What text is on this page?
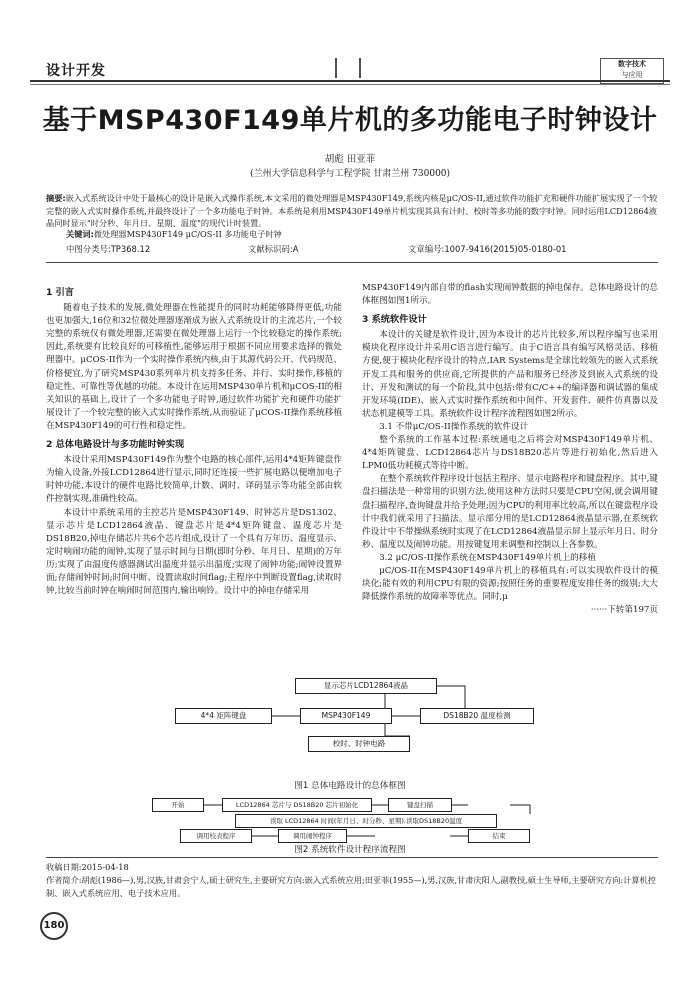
设计开发	数字技术
与应用
基于MSP430F149单片机的多功能电子时钟设计
胡彪 田亚菲
(兰州大学信息科学与工程学院 甘肃兰州 730000)
摘要:嵌入式系统设计中处于最核心的设计是嵌入式操作系统,本文采用的微处理器是MSP430F149,系统内核是μC/OS-II,通过软件功能扩充和硬件功能扩展实现了一个较完整的嵌入式实时操作系统,并最终设计了一个多功能电子时钟。本系统是利用MSP430F149单片机实现其具有计时、校时等多功能的数字时钟。同时运用LCD12864液晶同时显示"时分秒、年月日、星期、温度"的现代计时装置。
关键词:微处理器MSP430F149 μC/OS-II 多功能电子时钟
中图分类号:TP368.12	文献标识码:A	文章编号:1007-9416(2015)05-0180-01
1 引言

随着电子技术的发展,微处理器在性能提升的同时功耗能够降得更低,功能也更加强大,16位和32位微处理器逐渐成为嵌入式系统设计的主流芯片,一个较完整的系统仅有微处理器,还需要在微处理器上运行一个比较稳定的操作系统;因此,系统要有比较良好的可移植性,能够运用于根据不同应用要求选择的微处理器中。μCOS-II作为一个实时操作系统内核,由于其源代码公开、代码规范、价格便宜,为了研究MSP430系列单片机支持多任务、并行、实时操作,移植的稳定性、可靠性等优越的功能。本设计在运用MSP430单片机和μCOS-II的相关知识的基础上,设计了一个多功能电子时钟,通过软件功能扩充和硬件功能扩展设计了一个较完整的嵌入式实时操作系统,从而验证了μCOS-II操作系统移植在MSP430F149的可行性和稳定性。

2 总体电路设计与多功能时钟实现

本设计采用MSP430F149作为整个电路的核心部件,运用4*4矩阵键盘作为输入设备,外接LCD12864进行显示,同时还连接一些扩展电路以便增加电子时钟功能,本设计的硬件电路比较简单,计数、调时、译码显示等功能全部由软件控制实现,准确性较高。

本设计中系统采用的主控芯片是MSP430F149、时钟芯片是DS1302、显示芯片是LCD12864液晶、键盘芯片是4*4矩阵键盘、温度芯片是DS18B20,掉电存储芯片共6个芯片组成,设计了一个具有万年历、温度显示、定时响闹功能的闹钟,实现了显示时间与日期(即时分秒、年月日、星期)的万年历;实现了由温度传感器测试出温度并显示出温度;实现了闹钟功能;闹钟设置界面;存储闹钟时间;时间中断、设置读取时间flag;主程序中判断设置flag,读取时钟,比较当前时钟在响闹时间范围内,输出响铃。设计中的掉电存储采用

MSP430F149内部自带的flash实现闹钟数据的掉电保存。总体电路设计的总体框图如图1所示。

3 系统软件设计

本设计的关键是软件设计,因为本设计的芯片比较多,所以程序编写也采用模块化程序设计并采用C语言进行编写。由于C语言具有编写风格灵活、移植方便,便于模块化程序设计的特点,IAR Systems是全球比较领先的嵌入式系统开发工具和服务的供应商,它所提供的产品和服务已经涉及到嵌入式系统的设计、开发和测试的每一个阶段,其中包括:带有C/C++的编译器和调试器的集成开发环境(IDE)、嵌入式实时操作系统和中间件、开发套件、硬件仿真器以及状态机建模等工具。系统软件设计程序流程图如图2所示。

3.1 不带μC/OS-II操作系统的软件设计

整个系统的工作基本过程:系统通电之后将会对MSP430F149单片机、4*4矩阵键盘、LCD12864芯片与DS18B20芯片等进行初始化,然后进入LPM0低功耗模式等待中断。

在整个系统软件程序设计包括主程序、显示电路程序和键盘程序。其中,键盘扫描法是一种常用的识别方法,使用这种方法时只要是CPU空闲,就会调用键盘扫描程序,查询键盘并给予处理;因为CPU的利用率比较高,所以在键盘程序设计中我们就采用了扫描法。显示部分用的是LCD12864液晶显示器,在系统软件设计中不带操纵系统时实现了在LCD12864液晶显示屏上显示年月日、时分秒、温度以及闹钟功能。用按键复用来调整和控制以上各参数。

3.2 μC/OS-II操作系统在MSP430F149单片机上的移植

μC/OS-II在MSP430F149单片机上的移植具有:可以实现软件设计的模块化;能有效的利用CPU有限的资源;按照任务的重要程度安排任务的级别;大大降低操作系统的故障率等优点。同时,μ

······下转第197页
显示芯片LCD12864液晶
4*4 矩阵键盘	MSP430F149	DS18B20 温度检测
校时、时钟电路
图1 总体电路设计的总体框图
开始	LCD12864 芯片与 DS18B20 芯片初始化	键盘扫描
读取 LCD12864 时间(年月日、时分秒、星期),读取DS18B20温度
调用校表程序	调用闹钟程序	结束
图2 系统软件设计程序流程图
收稿日期:2015-04-18
作者简介:胡彪(1986—),男,汉族,甘肃会宁人,硕士研究生,主要研究方向:嵌入式系统应用;田亚菲(1955—),男,汉族,甘肃庆阳人,副教授,硕士生导师,主要研究方向:计算机控制、嵌入式系统应用、电子技术应用。
180
